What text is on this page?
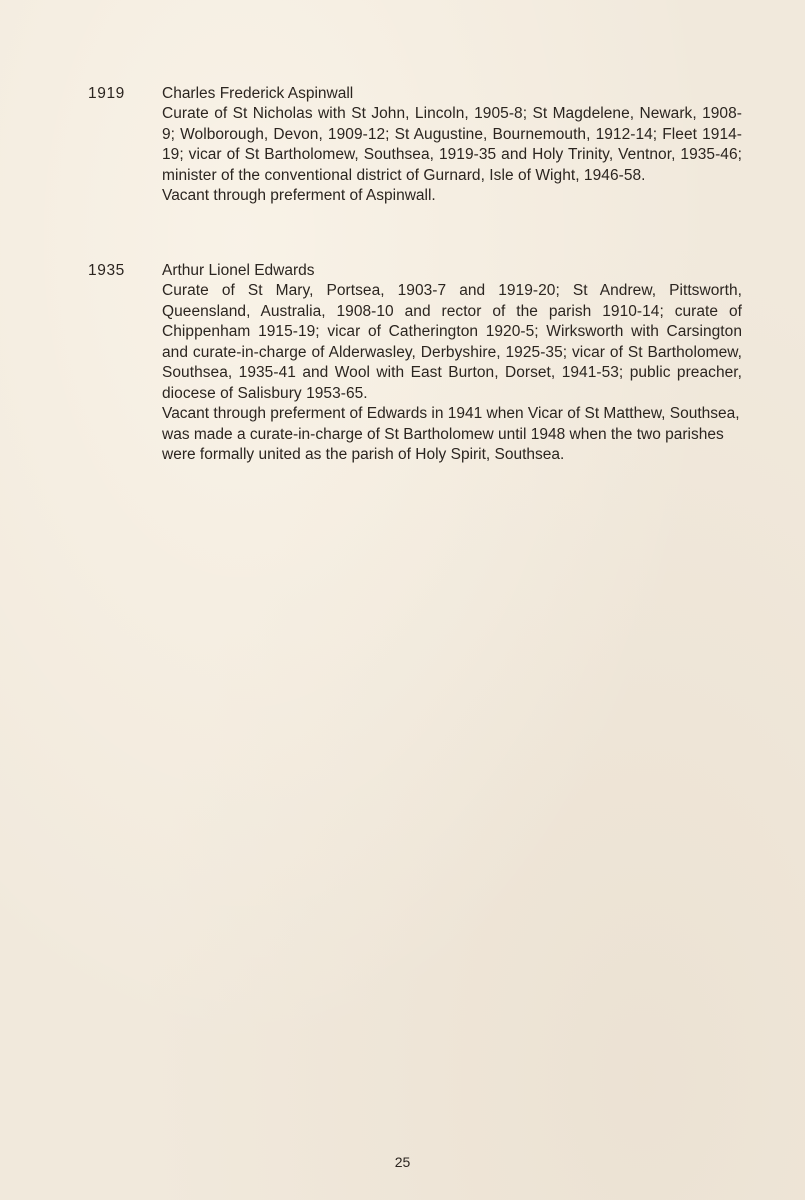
1919 Charles Frederick Aspinwall

Curate of St Nicholas with St John, Lincoln, 1905-8; St Magdelene, Newark, 1908-9; Wolborough, Devon, 1909-12; St Augustine, Bournemouth, 1912-14; Fleet 1914-19; vicar of St Bartholomew, Southsea, 1919-35 and Holy Trinity, Ventnor, 1935-46; minister of the conventional district of Gurnard, Isle of Wight, 1946-58.

Vacant through preferment of Aspinwall.

1935 Arthur Lionel Edwards

Curate of St Mary, Portsea, 1903-7 and 1919-20; St Andrew, Pittsworth, Queensland, Australia, 1908-10 and rector of the parish 1910-14; curate of Chippenham 1915-19; vicar of Catherington 1920-5; Wirksworth with Carsington and curate-in-charge of Alderwasley, Derbyshire, 1925-35; vicar of St Bartholomew, Southsea, 1935-41 and Wool with East Burton, Dorset, 1941-53; public preacher, diocese of Salisbury 1953-65.

Vacant through preferment of Edwards in 1941 when Vicar of St Matthew, Southsea, was made a curate-in-charge of St Bartholomew until 1948 when the two parishes were formally united as the parish of Holy Spirit, Southsea.

25
